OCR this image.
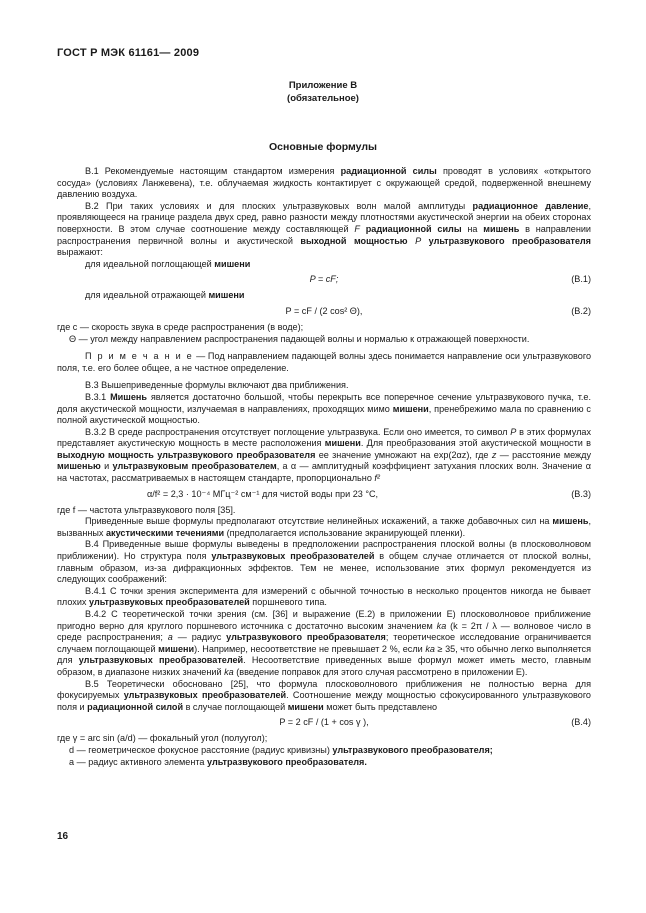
ГОСТ Р МЭК 61161— 2009
Приложение В
(обязательное)
Основные формулы

В.1 Рекомендуемые настоящим стандартом измерения радиационной силы проводят в условиях «открытого сосуда» (условиях Ланжевена), т.е. облучаемая жидкость контактирует с окружающей средой, подверженной внешнему давлению воздуха.

В.2 При таких условиях и для плоских ультразвуковых волн малой амплитуды радиационное давление, проявляющееся на границе раздела двух сред, равно разности между плотностями акустической энергии на обеих сторонах поверхности. В этом случае соотношение между составляющей F радиационной силы на мишень в направлении распространения первичной волны и акустической выходной мощностью P ультразвукового преобразователя выражают:

для идеальной поглощающей мишени

P = cF;	(В.1)

для идеальной отражающей мишени

P = cF / (2 cos² Θ),	(В.2)

где с — скорость звука в среде распространения (в воде);

Θ — угол между направлением распространения падающей волны и нормалью к отражающей поверхности.

П р и м е ч а н и е — Под направлением падающей волны здесь понимается направление оси ультразвукового поля, т.е. его более общее, а не частное определение.

В.3 Вышеприведенные формулы включают два приближения.

В.3.1 Мишень является достаточно большой, чтобы перекрыть все поперечное сечение ультразвукового пучка, т.е. доля акустической мощности, излучаемая в направлениях, проходящих мимо мишени, пренебрежимо мала по сравнению с полной акустической мощностью.

В.3.2 В среде распространения отсутствует поглощение ультразвука. Если оно имеется, то символ P в этих формулах представляет акустическую мощность в месте расположения мишени. Для преобразования этой акустической мощности в выходную мощность ультразвукового преобразователя ее значение умножают на exp(2αz), где z — расстояние между мишенью и ультразвуковым преобразователем, а α — амплитудный коэффициент затухания плоских волн. Значение α на частотах, рассматриваемых в настоящем стандарте, пропорционально f²

α/f² = 2,3 · 10⁻⁴ МГц⁻² см⁻¹ для чистой воды при 23 °С,	(В.3)

где f — частота ультразвукового поля [35].

Приведенные выше формулы предполагают отсутствие нелинейных искажений, а также добавочных сил на мишень, вызванных акустическими течениями (предполагается использование экранирующей пленки).

В.4 Приведенные выше формулы выведены в предположении распространения плоской волны (в плосковолновом приближении). Но структура поля ультразвуковых преобразователей в общем случае отличается от плоской волны, главным образом, из-за дифракционных эффектов. Тем не менее, использование этих формул рекомендуется из следующих соображений:

В.4.1 С точки зрения эксперимента для измерений с обычной точностью в несколько процентов никогда не бывает плохих ультразвуковых преобразователей поршневого типа.

В.4.2 С теоретической точки зрения (см. [36] и выражение (Е.2) в приложении Е) плосковолновое приближение пригодно верно для круглого поршневого источника с достаточно высоким значением ka (k = 2π / λ — волновое число в среде распространения; a — радиус ультразвукового преобразователя; теоретическое исследование ограничивается случаем поглощающей мишени). Например, несоответствие не превышает 2 %, если ka ≥ 35, что обычно легко выполняется для ультразвуковых преобразователей. Несоответствие приведенных выше формул может иметь место, главным образом, в диапазоне низких значений ka (введение поправок для этого случая рассмотрено в приложении Е).

В.5 Теоретически обосновано [25], что формула плосковолнового приближения не полностью верна для фокусируемых ультразвуковых преобразователей. Соотношение между мощностью сфокусированного ультразвукового поля и радиационной силой в случае поглощающей мишени может быть представлено

P = 2 cF / (1 + cos γ ),	(В.4)

где γ = arc sin (a/d) — фокальный угол (полуугол);

d — геометрическое фокусное расстояние (радиус кривизны) ультразвукового преобразователя;

a — радиус активного элемента ультразвукового преобразователя.

16
